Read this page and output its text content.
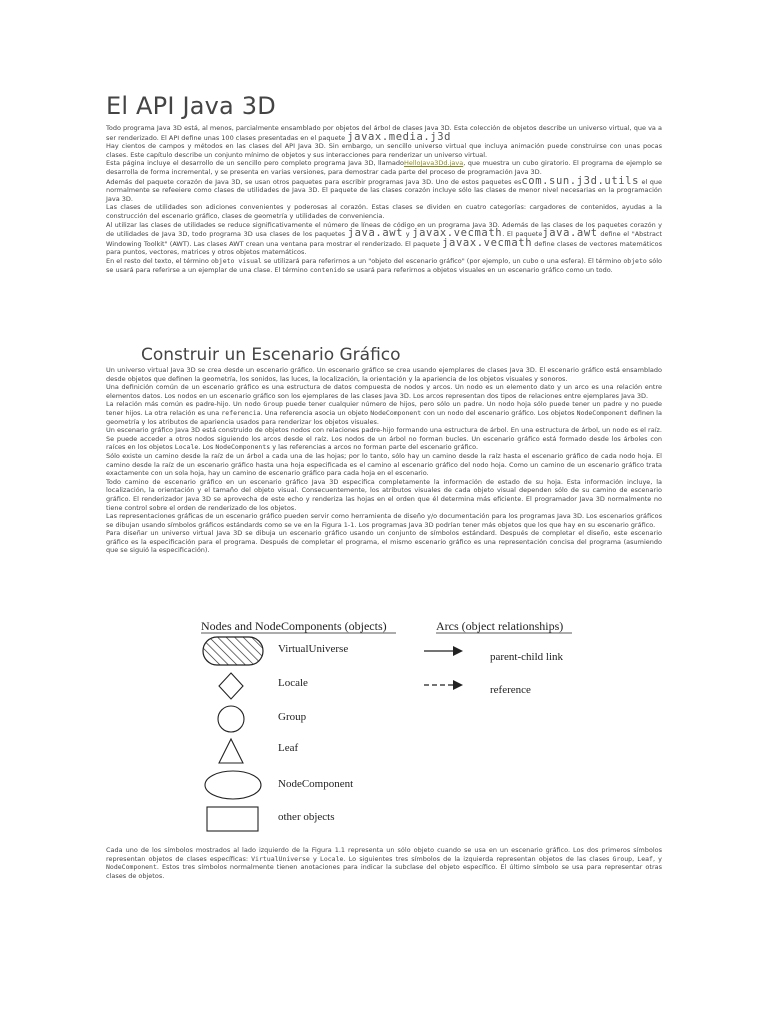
El API Java 3D

Todo programa Java 3D está, al menos, parcialmente ensamblado por objetos del árbol de clases Java 3D. Esta colección de objetos describe un universo virtual, que va a ser renderizado. El API define unas 100 clases presentadas en el paquete javax.media.j3d

Hay cientos de campos y métodos en las clases del API Java 3D. Sin embargo, un sencillo universo virtual que incluya animación puede construirse con unas pocas clases. Este capítulo describe un conjunto mínimo de objetos y sus interacciones para renderizar un universo virtual.

Esta página incluye el desarrollo de un sencillo pero completo programa Java 3D, llamadoHelloJava3Dd.java, que muestra un cubo giratorio. El programa de ejemplo se desarrolla de forma incremental, y se presenta en varias versiones, para demostrar cada parte del proceso de programación Java 3D.

Además del paquete corazón de Java 3D, se usan otros paquetes para escribir programas Java 3D. Uno de estos paquetes escom.sun.j3d.utils el que normalmente se refeeiere como clases de utilidades de Java 3D. El paquete de las clases corazón incluye sólo las clases de menor nivel necesarias en la programación Java 3D.

Las clases de utilidades son adiciones convenientes y poderosas al corazón. Estas clases se dividen en cuatro categorías: cargadores de contenidos, ayudas a la construcción del escenario gráfico, clases de geometría y utilidades de conveniencia.

Al utilizar las clases de utilidades se reduce significativamente el número de líneas de código en un programa Java 3D. Además de las clases de los paquetes corazón y de utilidades de Java 3D, todo programa 3D usa clases de los paquetes java.awt y javax.vecmath. El paquetejava.awt define el "Abstract Windowing Toolkit" (AWT). Las clases AWT crean una ventana para mostrar el renderizado. El paquete javax.vecmath define clases de vectores matemáticos para puntos, vectores, matrices y otros objetos matemáticos.

En el resto del texto, el término objeto visual se utilizará para referirnos a un "objeto del escenario gráfico" (por ejemplo, un cubo o una esfera). El término objeto sólo se usará para referirse a un ejemplar de una clase. El término contenido se usará para referirnos a objetos visuales en un escenario gráfico como un todo.

Construir un Escenario Gráfico

Un universo virtual Java 3D se crea desde un escenario gráfico. Un escenario gráfico se crea usando ejemplares de clases Java 3D. El escenario gráfico está ensamblado desde objetos que definen la geometría, los sonidos, las luces, la localización, la orientación y la apariencia de los objetos visuales y sonoros.

Una definición común de un escenario gráfico es una estructura de datos compuesta de nodos y arcos. Un nodo es un elemento dato y un arco es una relación entre elementos datos. Los nodos en un escenario gráfico son los ejemplares de las clases Java 3D. Los arcos representan dos tipos de relaciones entre ejemplares Java 3D.

La relación más común es padre-hijo. Un nodo Group puede tener cualquier número de hijos, pero sólo un padre. Un nodo hoja sólo puede tener un padre y no puede tener hijos. La otra relación es una referencia. Una referencia asocia un objeto NodeComponent con un nodo del escenario gráfico. Los objetos NodeComponent definen la geometría y los atributos de apariencia usados para renderizar los objetos visuales.

Un escenario gráfico Java 3D está construido de objetos nodos con relaciones padre-hijo formando una estructura de árbol. En una estructura de árbol, un nodo es el raíz. Se puede acceder a otros nodos siguiendo los arcos desde el raíz. Los nodos de un árbol no forman bucles. Un escenario gráfico está formado desde los árboles con raíces en los objetos Locale. Los NodeComponents y las referencias a arcos no forman parte del escenario gráfico.

Sólo existe un camino desde la raíz de un árbol a cada una de las hojas; por lo tanto, sólo hay un camino desde la raíz hasta el escenario gráfico de cada nodo hoja. El camino desde la raíz de un escenario gráfico hasta una hoja especificada es el camino al escenario gráfico del nodo hoja. Como un camino de un escenario gráfico trata exactamente con un sola hoja, hay un camino de escenario gráfico para cada hoja en el escenario.

Todo camino de escenario gráfico en un escenario gráfico Java 3D especifica completamente la información de estado de su hoja. Esta información incluye, la localización, la orientación y el tamaño del objeto visual. Consecuentemente, los atributos visuales de cada objeto visual dependen sólo de su camino de escenario gráfico. El renderizador Java 3D se aprovecha de este echo y renderiza las hojas en el orden que él determina más eficiente. El programador Java 3D normalmente no tiene control sobre el orden de renderizado de los objetos.

Las representaciones gráficas de un escenario gráfico pueden servir como herramienta de diseño y/o documentación para los programas Java 3D. Los escenarios gráficos se dibujan usando símbolos gráficos estándards como se ve en la Figura 1-1. Los programas Java 3D podrían tener más objetos que los que hay en su escenario gráfico.

Para diseñar un universo virtual Java 3D se dibuja un escenario gráfico usando un conjunto de símbolos estándard. Después de completar el diseño, este escenario gráfico es la especificación para el programa. Después de completar el programa, el mismo escenario gráfico es una representación concisa del programa (asumiendo que se siguió la especificación).

Nodes and NodeComponents (objects)	Arcs (object relationships)
VirtualUniverse
Locale
Group
Leaf
NodeComponent
other objects
parent-child link
reference

Cada uno de los símbolos mostrados al lado izquierdo de la Figura 1.1 representa un sólo objeto cuando se usa en un escenario gráfico. Los dos primeros símbolos representan objetos de clases específicas: VirtualUniverse y Locale. Lo siguientes tres símbolos de la izquierda representan objetos de las clases Group, Leaf, y NodeComponent. Estos tres símbolos normalmente tienen anotaciones para indicar la subclase del objeto específico. El último símbolo se usa para representar otras clases de objetos.
